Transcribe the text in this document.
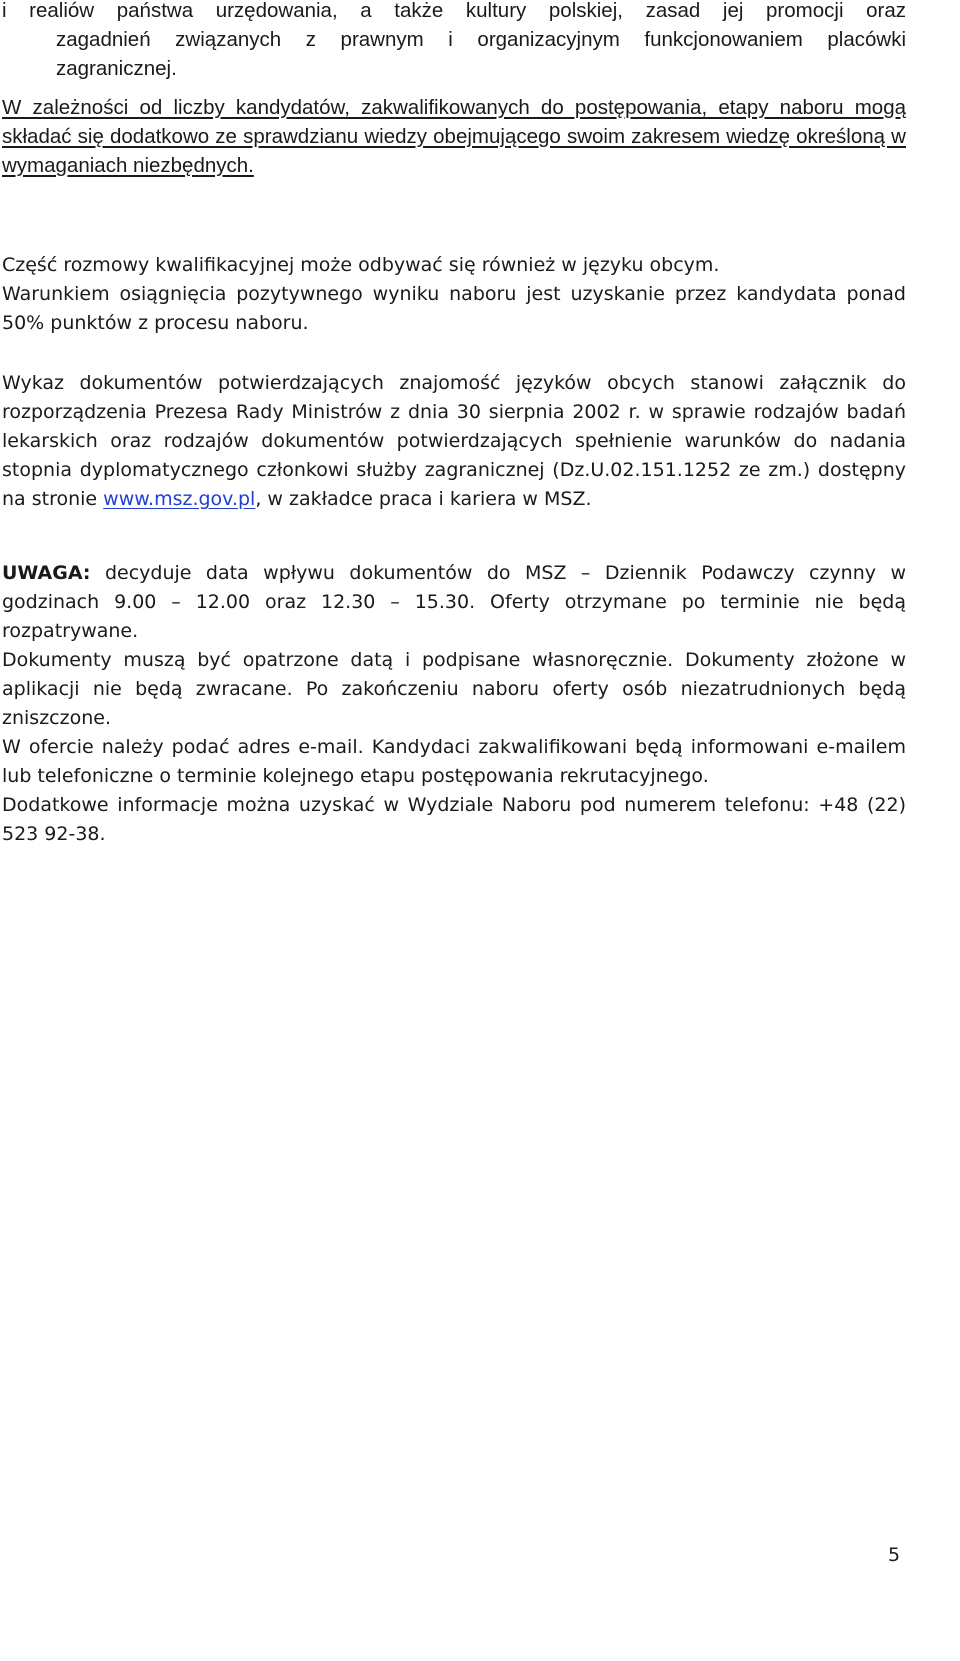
i realiów państwa urzędowania, a także kultury polskiej, zasad jej promocji oraz
zagadnień związanych z prawnym i organizacyjnym funkcjonowaniem placówki
zagranicznej.

W zależności od liczby kandydatów, zakwalifikowanych do postępowania, etapy naboru mogą składać się dodatkowo ze sprawdzianu wiedzy obejmującego swoim zakresem wiedzę określoną w wymaganiach niezbędnych.

Część rozmowy kwalifikacyjnej może odbywać się również w języku obcym.

Warunkiem osiągnięcia pozytywnego wyniku naboru jest uzyskanie przez kandydata ponad 50% punktów z procesu naboru.

Wykaz dokumentów potwierdzających znajomość języków obcych stanowi załącznik do rozporządzenia Prezesa Rady Ministrów z dnia 30 sierpnia 2002 r. w sprawie rodzajów badań lekarskich oraz rodzajów dokumentów potwierdzających spełnienie warunków do nadania stopnia dyplomatycznego członkowi służby zagranicznej (Dz.U.02.151.1252 ze zm.) dostępny na stronie www.msz.gov.pl, w zakładce praca i kariera w MSZ.

UWAGA: decyduje data wpływu dokumentów do MSZ – Dziennik Podawczy czynny w godzinach 9.00 – 12.00 oraz 12.30 – 15.30. Oferty otrzymane po terminie nie będą rozpatrywane.

Dokumenty muszą być opatrzone datą i podpisane własnoręcznie. Dokumenty złożone w aplikacji nie będą zwracane. Po zakończeniu naboru oferty osób niezatrudnionych będą zniszczone.

W ofercie należy podać adres e-mail. Kandydaci zakwalifikowani będą informowani e-mailem lub telefoniczne o terminie kolejnego etapu postępowania rekrutacyjnego.

Dodatkowe informacje można uzyskać w Wydziale Naboru pod numerem telefonu: +48 (22) 523 92-38.

5
